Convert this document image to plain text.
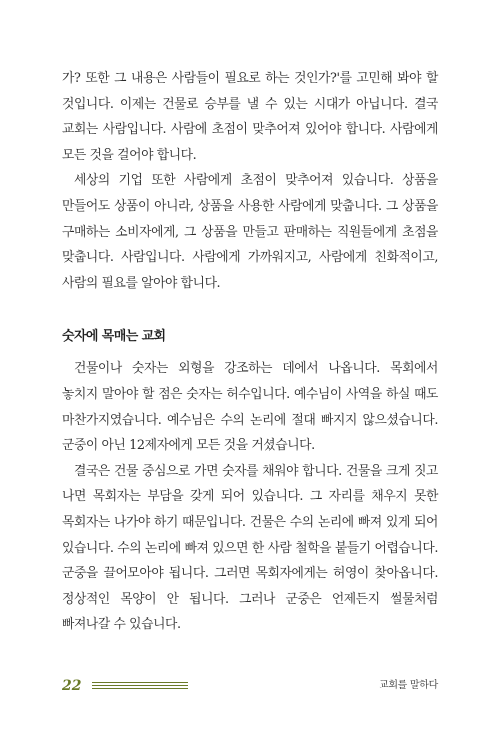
가? 또한 그 내용은 사람들이 필요로 하는 것인가?'를 고민해 봐야 할 것입니다. 이제는 건물로 승부를 낼 수 있는 시대가 아닙니다. 결국 교회는 사람입니다. 사람에 초점이 맞추어져 있어야 합니다. 사람에게 모든 것을 걸어야 합니다.

세상의 기업 또한 사람에게 초점이 맞추어져 있습니다. 상품을 만들어도 상품이 아니라, 상품을 사용한 사람에게 맞춥니다. 그 상품을 구매하는 소비자에게, 그 상품을 만들고 판매하는 직원들에게 초점을 맞춥니다. 사람입니다. 사람에게 가까워지고, 사람에게 친화적이고, 사람의 필요를 알아야 합니다.

숫자에 목매는 교회

건물이나 숫자는 외형을 강조하는 데에서 나옵니다. 목회에서 놓치지 말아야 할 점은 숫자는 허수입니다. 예수님이 사역을 하실 때도 마찬가지였습니다. 예수님은 수의 논리에 절대 빠지지 않으셨습니다. 군중이 아닌 12제자에게 모든 것을 거셨습니다.

결국은 건물 중심으로 가면 숫자를 채워야 합니다. 건물을 크게 짓고 나면 목회자는 부담을 갖게 되어 있습니다. 그 자리를 채우지 못한 목회자는 나가야 하기 때문입니다. 건물은 수의 논리에 빠져 있게 되어 있습니다. 수의 논리에 빠져 있으면 한 사람 철학을 붙들기 어렵습니다. 군중을 끌어모아야 됩니다. 그러면 목회자에게는 허영이 찾아옵니다. 정상적인 목양이 안 됩니다. 그러나 군중은 언제든지 썰물처럼 빠져나갈 수 있습니다.

22	교회를 말하다
